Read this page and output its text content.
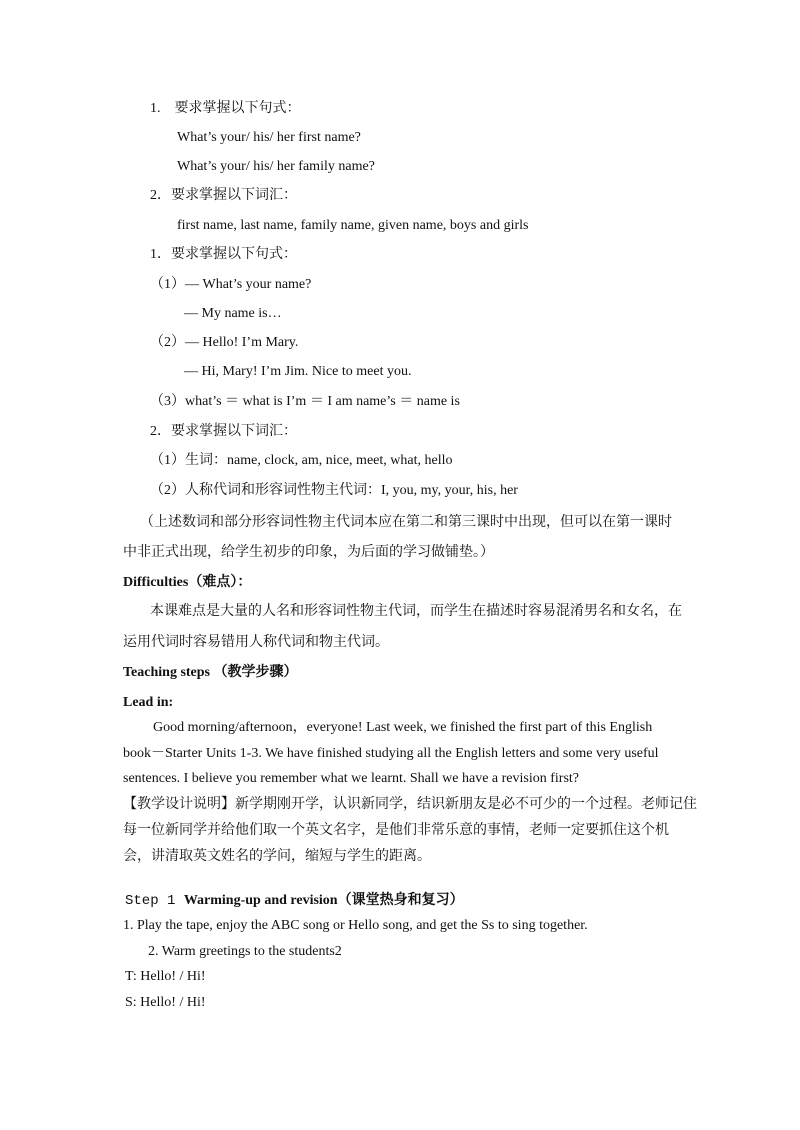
1.　要求掌握以下句式：
What’s your/ his/ her first name?
What’s your/ his/ her family name?
2．要求掌握以下词汇：
first name, last name, family name, given name, boys and girls
1．要求掌握以下句式：
（1）— What’s your name?
— My name is…
（2）— Hello! I’m Mary.
— Hi, Mary! I’m Jim. Nice to meet you.
（3）what’s ＝ what is I’m ＝ I am name’s ＝ name is
2．要求掌握以下词汇：
（1）生词：name, clock, am, nice, meet, what, hello
（2）人称代词和形容词性物主代词：I, you, my, your, his, her
（上述数词和部分形容词性物主代词本应在第二和第三课时中出现，但可以在第一课时
中非正式出现，给学生初步的印象，为后面的学习做铺垫。）
Difficulties（难点）：
本课难点是大量的人名和形容词性物主代词，而学生在描述时容易混淆男名和女名，在
运用代词时容易错用人称代词和物主代词。
Teaching steps （教学步骤）
Lead in:
Good morning/afternoon，everyone! Last week, we finished the first part of this English
book－Starter Units 1-3. We have finished studying all the English letters and some very useful
sentences. I believe you remember what we learnt. Shall we have a revision first?
【教学设计说明】新学期刚开学，认识新同学，结识新朋友是必不可少的一个过程。老师记住
每一位新同学并给他们取一个英文名字，是他们非常乐意的事情，老师一定要抓住这个机
会，讲清取英文姓名的学问，缩短与学生的距离。
Step 1 Warming-up and revision（课堂热身和复习）
1. Play the tape, enjoy the ABC song or Hello song, and get the Ss to sing together.
2. Warm greetings to the students2
T: Hello! / Hi!
S: Hello! / Hi!
